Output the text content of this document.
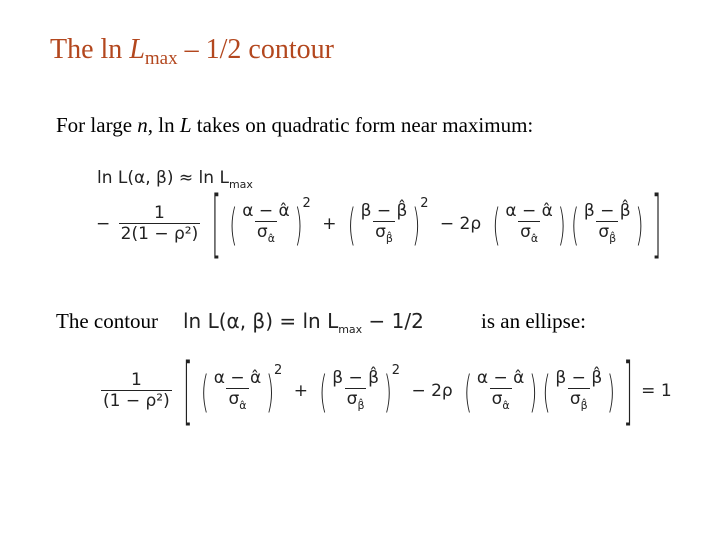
The $\ln L_{max} - 1/2$ contour
For large n, ln L takes on quadratic form near maximum:
ln L(α, $\beta) \approx \ln L_{max}$
− $\frac{1}{\text{2(1 − ρ²)}}$ [ ( $\frac{\alpha - \alphâ}{\sigma_{\alphâ}} )^2$ + ( $\frac{\beta - \betâ}{\sigma_{\betâ}} )^2 - 2\rho$ ( $\frac{\alpha - \alphâ}{\sigma_{\alphâ}}$ ) ( $\frac{\beta - \betâ}{\sigma_{\betâ}}$ ) ]
The contour ln L(α, $\beta) = \ln L_{max} - 1/2$	is an ellipse:
$\frac{1}{\text{(1 − ρ²)}}$ [ ( $\frac{\alpha - \alphâ}{\sigma_{\alphâ}} )^2$ + ( $\frac{\beta - \betâ}{\sigma_{\betâ}} )^2 - 2\rho$ ( $\frac{\alpha - \alphâ}{\sigma_{\alphâ}}$ ) ( $\frac{\beta - \betâ}{\sigma_{\betâ}}$ ) ] = 1
